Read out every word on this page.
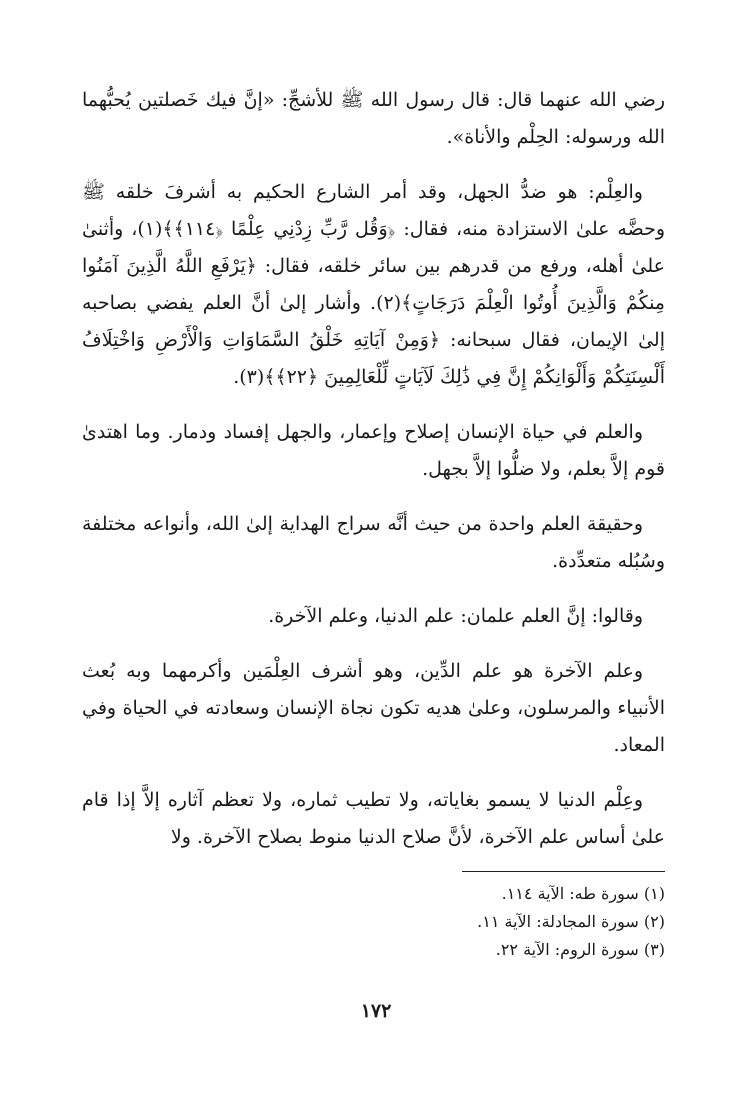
رضي الله عنهما قال: قال رسول الله ﷺ للأشجِّ: «إنَّ فيك خَصلتين يُحبُّهما الله ورسوله: الحِلْم والأناة».

والعِلْم: هو ضدُّ الجهل، وقد أمر الشارع الحكيم به أشرفَ خلقه ﷺ وحضَّه علىٰ الاستزادة منه، فقال: ﴿وَقُل رَّبِّ زِدْنِي عِلْمًا ﴿١١٤﴾﴾(١)، وأثنىٰ علىٰ أهله، ورفع من قدرهم بين سائر خلقه، فقال: ﴿يَرْفَعِ اللَّهُ الَّذِينَ آمَنُوا مِنكُمْ وَالَّذِينَ أُوتُوا الْعِلْمَ دَرَجَاتٍ﴾(٢). وأشار إلىٰ أنَّ العلم يفضي بصاحبه إلىٰ الإيمان، فقال سبحانه: ﴿وَمِنْ آيَاتِهِ خَلْقُ السَّمَاوَاتِ وَالْأَرْضِ وَاخْتِلَافُ أَلْسِنَتِكُمْ وَأَلْوَانِكُمْ إِنَّ فِي ذَٰلِكَ لَآيَاتٍ لِّلْعَالِمِينَ ﴿٢٢﴾﴾(٣).

والعلم في حياة الإنسان إصلاح وإعمار، والجهل إفساد ودمار. وما اهتدىٰ قوم إلاَّ بعلم، ولا ضلُّوا إلاَّ بجهل.

وحقيقة العلم واحدة من حيث أنَّه سراج الهداية إلىٰ الله، وأنواعه مختلفة وسُبُله متعدِّدة.

وقالوا: إنَّ العلم علمان: علم الدنيا، وعلم الآخرة.

وعلم الآخرة هو علم الدِّين، وهو أشرف العِلْمَين وأكرمهما وبه بُعث الأنبياء والمرسلون، وعلىٰ هديه تكون نجاة الإنسان وسعادته في الحياة وفي المعاد.

وعِلْم الدنيا لا يسمو بغاياته، ولا تطيب ثماره، ولا تعظم آثاره إلاَّ إذا قام علىٰ أساس علم الآخرة، لأنَّ صلاح الدنيا منوط بصلاح الآخرة. ولا

(١) سورة طه: الآية ١١٤.

(٢) سورة المجادلة: الآية ١١.

(٣) سورة الروم: الآية ٢٢.

١٧٢
